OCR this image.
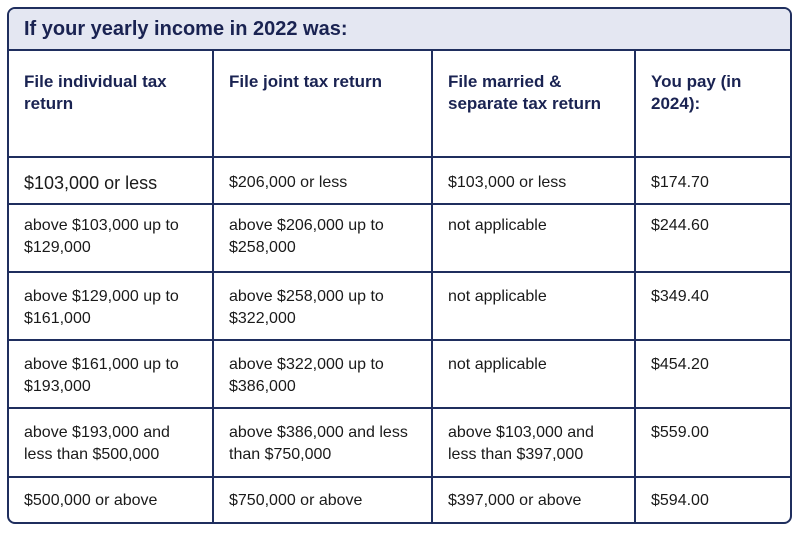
If your yearly income in 2022 was:
File individual tax return	File joint tax return	File married & separate tax return	You pay (in 2024):
$103,000 or less	$206,000 or less	$103,000 or less	$174.70
above $103,000 up to $129,000	above $206,000 up to $258,000	not applicable	$244.60
above $129,000 up to $161,000	above $258,000 up to $322,000	not applicable	$349.40
above $161,000 up to $193,000	above $322,000 up to $386,000	not applicable	$454.20
above $193,000 and less than $500,000	above $386,000 and less than $750,000	above $103,000 and less than $397,000	$559.00
$500,000 or above	$750,000 or above	$397,000 or above	$594.00
